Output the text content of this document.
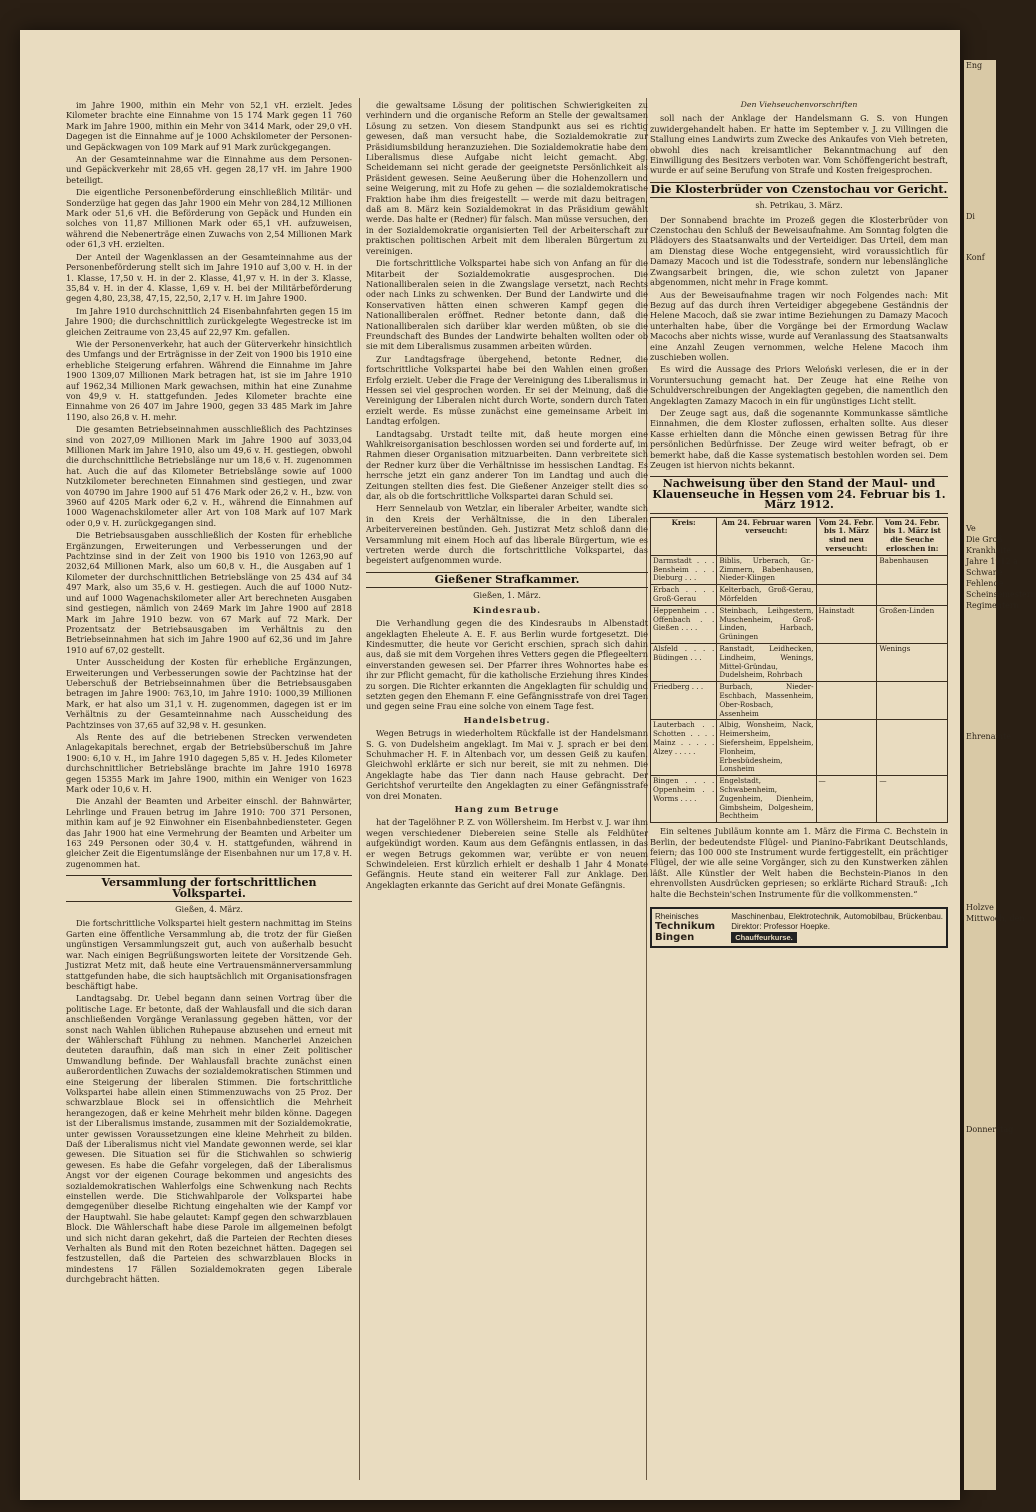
im Jahre 1900, mithin ein Mehr von 52,1 vH. erzielt. Jedes Kilometer brachte eine Einnahme von 15 174 Mark gegen 11 760 Mark im Jahre 1900, mithin ein Mehr von 3414 Mark, oder 29,0 vH. Dagegen ist die Einnahme auf je 1000 Achskilometer der Personen- und Gepäckwagen von 109 Mark auf 91 Mark zurückgegangen.

An der Gesamteinnahme war die Einnahme aus dem Personen- und Gepäckverkehr mit 28,65 vH. gegen 28,17 vH. im Jahre 1900 beteiligt.

Die eigentliche Personenbeförderung einschließlich Militär- und Sonderzüge hat gegen das Jahr 1900 ein Mehr von 284,12 Millionen Mark oder 51,6 vH. die Beförderung von Gepäck und Hunden ein solches von 11,87 Millionen Mark oder 65,1 vH. aufzuweisen, während die Nebenerträge einen Zuwachs von 2,54 Millionen Mark oder 61,3 vH. erzielten.

Der Anteil der Wagenklassen an der Gesamteinnahme aus der Personenbeförderung stellt sich im Jahre 1910 auf 3,00 v. H. in der 1. Klasse, 17,50 v. H. in der 2. Klasse, 41,97 v. H. in der 3. Klasse, 35,84 v. H. in der 4. Klasse, 1,69 v. H. bei der Militärbeförderung gegen 4,80, 23,38, 47,15, 22,50, 2,17 v. H. im Jahre 1900.

Im Jahre 1910 durchschnittlich 24 Eisenbahnfahrten gegen 15 im Jahre 1900; die durchschnittlich zurückgelegte Wegestrecke ist im gleichen Zeitraume von 23,45 auf 22,97 Km. gefallen.

Wie der Personenverkehr, hat auch der Güterverkehr hinsichtlich des Umfangs und der Erträgnisse in der Zeit von 1900 bis 1910 eine erhebliche Steigerung erfahren. Während die Einnahme im Jahre 1900 1309,07 Millionen Mark betragen hat, ist sie im Jahre 1910 auf 1962,34 Millionen Mark gewachsen, mithin hat eine Zunahme von 49,9 v. H. stattgefunden. Jedes Kilometer brachte eine Einnahme von 26 407 im Jahre 1900, gegen 33 485 Mark im Jahre 1190, also 26,8 v. H. mehr.

Die gesamten Betriebseinnahmen ausschließlich des Pachtzinses sind von 2027,09 Millionen Mark im Jahre 1900 auf 3033,04 Millionen Mark im Jahre 1910, also um 49,6 v. H. gestiegen, obwohl die durchschnittliche Betriebslänge nur um 18,6 v. H. zugenommen hat. Auch die auf das Kilometer Betriebslänge sowie auf 1000 Nutzkilometer berechneten Einnahmen sind gestiegen, und zwar von 40790 im Jahre 1900 auf 51 476 Mark oder 26,2 v. H., bzw. von 3960 auf 4205 Mark oder 6,2 v. H., während die Einnahmen auf 1000 Wagenachskilometer aller Art von 108 Mark auf 107 Mark oder 0,9 v. H. zurückgegangen sind.

Die Betriebsausgaben ausschließlich der Kosten für erhebliche Ergänzungen, Erweiterungen und Verbesserungen und der Pachtzinse sind in der Zeit von 1900 bis 1910 von 1263,90 auf 2032,64 Millionen Mark, also um 60,8 v. H., die Ausgaben auf 1 Kilometer der durchschnittlichen Betriebslänge von 25 434 auf 34 497 Mark, also um 35,6 v. H. gestiegen. Auch die auf 1000 Nutz- und auf 1000 Wagenachskilometer aller Art berechneten Ausgaben sind gestiegen, nämlich von 2469 Mark im Jahre 1900 auf 2818 Mark im Jahre 1910 bezw. von 67 Mark auf 72 Mark. Der Prozentsatz der Betriebsausgaben im Verhältnis zu den Betriebseinnahmen hat sich im Jahre 1900 auf 62,36 und im Jahre 1910 auf 67,02 gestellt.

Unter Ausscheidung der Kosten für erhebliche Ergänzungen, Erweiterungen und Verbesserungen sowie der Pachtzinse hat der Ueberschuß der Betriebseinnahmen über die Betriebsausgaben betragen im Jahre 1900: 763,10, im Jahre 1910: 1000,39 Millionen Mark, er hat also um 31,1 v. H. zugenommen, dagegen ist er im Verhältnis zu der Gesamteinnahme nach Ausscheidung des Pachtzinses von 37,65 auf 32,98 v. H. gesunken.

Als Rente des auf die betriebenen Strecken verwendeten Anlagekapitals berechnet, ergab der Betriebsüberschuß im Jahre 1900: 6,10 v. H., im Jahre 1910 dagegen 5,85 v. H. Jedes Kilometer durchschnittlicher Betriebslänge brachte im Jahre 1910 16978 gegen 15355 Mark im Jahre 1900, mithin ein Weniger von 1623 Mark oder 10,6 v. H.

Die Anzahl der Beamten und Arbeiter einschl. der Bahnwärter, Lehrlinge und Frauen betrug im Jahre 1910: 700 371 Personen, mithin kam auf je 92 Einwohner ein Eisenbahnbediensteter. Gegen das Jahr 1900 hat eine Vermehrung der Beamten und Arbeiter um 163 249 Personen oder 30,4 v. H. stattgefunden, während in gleicher Zeit die Eigentumslänge der Eisenbahnen nur um 17,8 v. H. zugenommen hat.

Versammlung der fortschrittlichen Volkspartei.
Gießen, 4. März.

Die fortschrittliche Volkspartei hielt gestern nachmittag im Steins Garten eine öffentliche Versammlung ab, die trotz der für Gießen ungünstigen Versammlungszeit gut, auch von außerhalb besucht war. Nach einigen Begrüßungsworten leitete der Vorsitzende Geh. Justizrat Metz mit, daß heute eine Vertrauensmännerversammlung stattgefunden habe, die sich hauptsächlich mit Organisationsfragen beschäftigt habe.

Landtagsabg. Dr. Uebel begann dann seinen Vortrag über die politische Lage. Er betonte, daß der Wahlausfall und die sich daran anschließenden Vorgänge Veranlassung gegeben hätten, vor der sonst nach Wahlen üblichen Ruhepause abzusehen und erneut mit der Wählerschaft Fühlung zu nehmen. Mancherlei Anzeichen deuteten daraufhin, daß man sich in einer Zeit politischer Umwandlung befinde. Der Wahlausfall brachte zunächst einen außerordentlichen Zuwachs der sozialdemokratischen Stimmen und eine Steigerung der liberalen Stimmen. Die fortschrittliche Volkspartei habe allein einen Stimmenzuwachs von 25 Proz. Der schwarzblaue Block sei in offensichtlich die Mehrheit herangezogen, daß er keine Mehrheit mehr bilden könne. Dagegen ist der Liberalismus imstande, zusammen mit der Sozialdemokratie, unter gewissen Voraussetzungen eine kleine Mehrheit zu bilden. Daß der Liberalismus nicht viel Mandate gewonnen werde, sei klar gewesen. Die Situation sei für die Stichwahlen so schwierig gewesen. Es habe die Gefahr vorgelegen, daß der Liberalismus Angst vor der eigenen Courage bekommen und angesichts des sozialdemokratischen Wahlerfolgs eine Schwenkung nach Rechts einstellen werde. Die Stichwahlparole der Volkspartei habe demgegenüber dieselbe Richtung eingehalten wie der Kampf vor der Hauptwahl. Sie habe gelautet: Kampf gegen den schwarzblauen Block. Die Wählerschaft habe diese Parole im allgemeinen befolgt und sich nicht daran gekehrt, daß die Parteien der Rechten dieses Verhalten als Bund mit den Roten bezeichnet hätten. Dagegen sei festzustellen, daß die Parteien des schwarzblauen Blocks in mindestens 17 Fällen Sozialdemokraten gegen Liberale durchgebracht hätten.

die gewaltsame Lösung der politischen Schwierigkeiten zu verhindern und die organische Reform an Stelle der gewaltsamen Lösung zu setzen. Von diesem Standpunkt aus sei es richtig gewesen, daß man versucht habe, die Sozialdemokratie zur Präsidiumsbildung heranzuziehen. Die Sozialdemokratie habe dem Liberalismus diese Aufgabe nicht leicht gemacht. Abg. Scheidemann sei nicht gerade der geeignetste Persönlichkeit als Präsident gewesen. Seine Aeußerung über die Hohenzollern und seine Weigerung, mit zu Hofe zu gehen — die sozialdemokratische Fraktion habe ihm dies freigestellt — werde mit dazu beitragen, daß am 8. März kein Sozialdemokrat in das Präsidium gewählt werde. Das halte er (Redner) für falsch. Man müsse versuchen, den in der Sozialdemokratie organisierten Teil der Arbeiterschaft zur praktischen politischen Arbeit mit dem liberalen Bürgertum zu vereinigen.

Die fortschrittliche Volkspartei habe sich von Anfang an für die Mitarbeit der Sozialdemokratie ausgesprochen. Die Nationalliberalen seien in die Zwangslage versetzt, nach Rechts oder nach Links zu schwenken. Der Bund der Landwirte und die Konservativen hätten einen schweren Kampf gegen die Nationalliberalen eröffnet. Redner betonte dann, daß die Nationalliberalen sich darüber klar werden müßten, ob sie die Freundschaft des Bundes der Landwirte behalten wollten oder ob sie mit dem Liberalismus zusammen arbeiten würden.

Zur Landtagsfrage übergehend, betonte Redner, die fortschrittliche Volkspartei habe bei den Wahlen einen großen Erfolg erzielt. Ueber die Frage der Vereinigung des Liberalismus in Hessen sei viel gesprochen worden. Er sei der Meinung, daß die Vereinigung der Liberalen nicht durch Worte, sondern durch Taten erzielt werde. Es müsse zunächst eine gemeinsame Arbeit im Landtag erfolgen.

Landtagsabg. Urstadt teilte mit, daß heute morgen eine Wahlkreisorganisation beschlossen worden sei und forderte auf, im Rahmen dieser Organisation mitzuarbeiten. Dann verbreitete sich der Redner kurz über die Verhältnisse im hessischen Landtag. Es herrsche jetzt ein ganz anderer Ton im Landtag und auch die Zeitungen stellten dies fest. Die Gießener Anzeiger stellt dies so dar, als ob die fortschrittliche Volkspartei daran Schuld sei.

Herr Sennelaub von Wetzlar, ein liberaler Arbeiter, wandte sich in den Kreis der Verhältnisse, die in den Liberalen Arbeitervereinen bestünden. Geh. Justizrat Metz schloß dann die Versammlung mit einem Hoch auf das liberale Bürgertum, wie es vertreten werde durch die fortschrittliche Volkspartei, das begeistert aufgenommen wurde.

Gießener Strafkammer.
Gießen, 1. März.
Kindesraub.

Die Verhandlung gegen die des Kindesraubs in Albenstadt angeklagten Eheleute A. E. F. aus Berlin wurde fortgesetzt. Die Kindesmutter, die heute vor Gericht erschien, sprach sich dahin aus, daß sie mit dem Vorgehen ihres Vetters gegen die Pflegeeltern einverstanden gewesen sei. Der Pfarrer ihres Wohnortes habe es ihr zur Pflicht gemacht, für die katholische Erziehung ihres Kindes zu sorgen. Die Richter erkannten die Angeklagten für schuldig und setzten gegen den Ehemann F. eine Gefängnisstrafe von drei Tagen und gegen seine Frau eine solche von einem Tage fest.

Handelsbetrug.

Wegen Betrugs in wiederholtem Rückfalle ist der Handelsmann S. G. von Dudelsheim angeklagt. Im Mai v. J. sprach er bei dem Schuhmacher H. F. in Altenbach vor, um dessen Geiß zu kaufen. Gleichwohl erklärte er sich nur bereit, sie mit zu nehmen. Die Angeklagte habe das Tier dann nach Hause gebracht. Der Gerichtshof verurteilte den Angeklagten zu einer Gefängnisstrafe von drei Monaten.

Hang zum Betruge

hat der Tagelöhner P. Z. von Wöllersheim. Im Herbst v. J. war ihm wegen verschiedener Diebereien seine Stelle als Feldhüter aufgekündigt worden. Kaum aus dem Gefängnis entlassen, in das er wegen Betrugs gekommen war, verübte er von neuem Schwindeleien. Erst kürzlich erhielt er deshalb 1 Jahr 4 Monate Gefängnis. Heute stand ein weiterer Fall zur Anklage. Den Angeklagten erkannte das Gericht auf drei Monate Gefängnis.

Den Viehseuchenvorschriften

soll nach der Anklage der Handelsmann G. S. von Hungen zuwidergehandelt haben. Er hatte im September v. J. zu Villingen die Stallung eines Landwirts zum Zwecke des Ankaufes von Vieh betreten, obwohl dies nach kreisamtlicher Bekanntmachung auf den Einwilligung des Besitzers verboten war. Vom Schöffengericht bestraft, wurde er auf seine Berufung von Strafe und Kosten freigesprochen.

Die Klosterbrüder von Czenstochau vor Gericht.
sh. Petrikau, 3. März.

Der Sonnabend brachte im Prozeß gegen die Klosterbrüder von Czenstochau den Schluß der Beweisaufnahme. Am Sonntag folgten die Plädoyers des Staatsanwalts und der Verteidiger. Das Urteil, dem man am Dienstag diese Woche entgegensieht, wird voraussichtlich für Damazy Macoch und ist die Todesstrafe, sondern nur lebenslängliche Zwangsarbeit bringen, die, wie schon zuletzt von Japaner abgenommen, nicht mehr in Frage kommt.

Aus der Beweisaufnahme tragen wir noch Folgendes nach: Mit Bezug auf das durch ihren Verteidiger abgegebene Geständnis der Helene Macoch, daß sie zwar intime Beziehungen zu Damazy Macoch unterhalten habe, über die Vorgänge bei der Ermordung Waclaw Macochs aber nichts wisse, wurde auf Veranlassung des Staatsanwalts eine Anzahl Zeugen vernommen, welche Helene Macoch ihm zuschieben wollen.

Es wird die Aussage des Priors Weloński verlesen, die er in der Voruntersuchung gemacht hat. Der Zeuge hat eine Reihe von Schuldverschreibungen der Angeklagten gegeben, die namentlich den Angeklagten Zamazy Macoch in ein für ungünstiges Licht stellt.

Der Zeuge sagt aus, daß die sogenannte Kommunkasse sämtliche Einnahmen, die dem Kloster zuflossen, erhalten sollte. Aus dieser Kasse erhielten dann die Mönche einen gewissen Betrag für ihre persönlichen Bedürfnisse. Der Zeuge wird weiter befragt, ob er bemerkt habe, daß die Kasse systematisch bestohlen worden sei. Dem Zeugen ist hiervon nichts bekannt.

Nachweisung über den Stand der Maul- und Klauenseuche in Hessen vom 24. Februar bis 1. März 1912.
Kreis:	Am 24. Februar waren verseucht:	Vom 24. Febr. bis 1. März sind neu verseucht:	Vom 24. Febr. bis 1. März ist die Seuche erloschen in:
Darmstadt . . . Bensheim . . . Dieburg . . .	Biblis, Urberach, Gr.-Zimmern, Babenhausen, Nieder-Klingen		Babenhausen
Erbach . . . . Groß-Gerau	Kelterbach, Groß-Gerau, Mörfelden		
Heppenheim . . Offenbach . . Gießen . . . .	Steinbach, Leihgestern, Muschenheim, Groß-Linden, Harbach, Grüningen	Hainstadt	Großen-Linden
Alsfeld . . . . Büdingen . . .	Ranstadt, Leidhecken, Lindheim, Wenings, Mittel-Gründau, Dudelsheim, Rohrbach		Wenings
Friedberg . . .	Burbach, Nieder-Eschbach, Massenheim, Ober-Rosbach, Assenheim		
Lauterbach . . Schotten . . . . Mainz . . . . . Alzey . . . . .	Albig, Wonsheim, Nack, Heimersheim, Siefersheim, Eppelsheim, Flonheim, Erbesbüdesheim, Lonsheim		
Bingen . . . . Oppenheim . . Worms . . . .	Engelstadt, Schwabenheim, Zugenheim, Dienheim, Gimbsheim, Dolgesheim, Bechtheim	—	—

Ein seltenes Jubiläum konnte am 1. März die Firma C. Bechstein in Berlin, der bedeutendste Flügel- und Pianino-Fabrikant Deutschlands, feiern; das 100 000 ste Instrument wurde fertiggestellt, ein prächtiger Flügel, der wie alle seine Vorgänger, sich zu den Kunstwerken zählen läßt. Alle Künstler der Welt haben die Bechstein-Pianos in den ehrenvollsten Ausdrücken gepriesen; so erklärte Richard Strauß: „Ich halte die Bechstein'schen Instrumente für die vollkommensten.“

Rheinisches
Technikum Bingen
Maschinenbau, Elektrotechnik, Automobilbau, Brückenbau. Direktor: Professor Hoepke.
Chauffeurkurse.
Eng
Di
Konf
Ve
Die Groß
Krankheite
Jahre 1912 a
Schwane
Fehlende
Scheinsemestern
Regimentern
Ehrenamte
Holzve
Mittwoch, den
Donnerstag
